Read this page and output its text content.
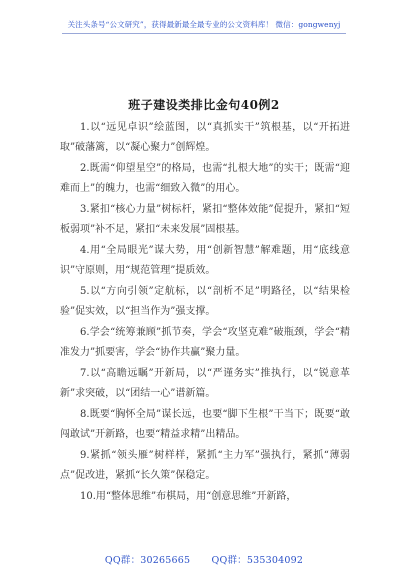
关注头条号“公文研究”，获得最新最全最专业的公文资料库！ 微信：gongwenyj
班子建设类排比金句40例2

1.以“远见卓识”绘蓝图，以“真抓实干”筑根基，以“开拓进取”破藩篱，以“凝心聚力”创辉煌。

2.既需“仰望星空”的格局，也需“扎根大地”的实干；既需“迎难而上”的魄力，也需“细致入微”的用心。

3.紧扣“核心力量”树标杆，紧扣“整体效能”促提升，紧扣“短板弱项”补不足，紧扣“未来发展”固根基。

4.用“全局眼光”谋大势，用“创新智慧”解难题，用“底线意识”守原则，用“规范管理”提质效。

5.以“方向引领”定航标，以“剖析不足”明路径，以“结果检验”促实效，以“担当作为”强支撑。

6.学会“统筹兼顾”抓节奏，学会“攻坚克难”破瓶颈，学会“精准发力”抓要害，学会“协作共赢”聚力量。

7.以“高瞻远瞩”开新局，以“严谨务实”推执行，以“锐意革新”求突破，以“团结一心”谱新篇。

8.既要“胸怀全局”谋长远，也要“脚下生根”干当下；既要“敢闯敢试”开新路，也要“精益求精”出精品。

9.紧抓“领头雁”树样样，紧抓“主力军”强执行，紧抓“薄弱点”促改进，紧抓“长久策”保稳定。

10.用“整体思维”布棋局，用“创意思维”开新路，

QQ群：30265665 QQ群：535304092
